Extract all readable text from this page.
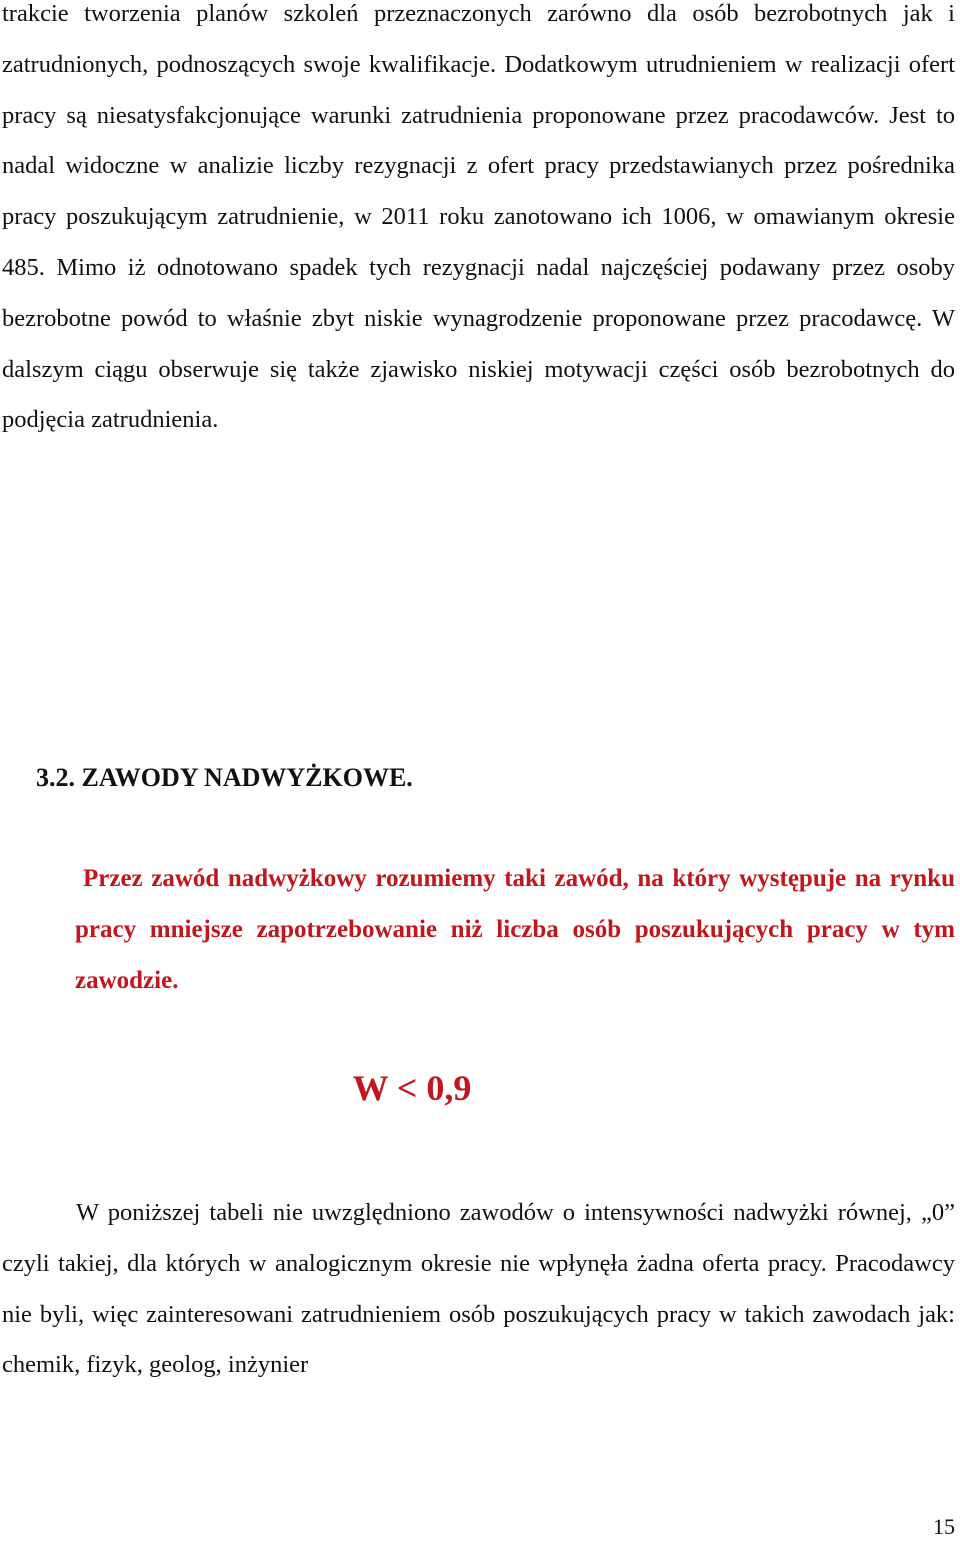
trakcie tworzenia planów szkoleń przeznaczonych zarówno dla osób bezrobotnych jak i zatrudnionych, podnoszących swoje kwalifikacje. Dodatkowym utrudnieniem w realizacji ofert pracy są niesatysfakcjonujące warunki zatrudnienia proponowane przez pracodawców. Jest to nadal widoczne w analizie liczby rezygnacji z ofert pracy przedstawianych przez pośrednika pracy poszukującym zatrudnienie, w 2011 roku zanotowano ich 1006, w omawianym okresie 485. Mimo iż odnotowano spadek tych rezygnacji nadal najczęściej podawany przez osoby bezrobotne powód to właśnie zbyt niskie wynagrodzenie proponowane przez pracodawcę. W dalszym ciągu obserwuje się także zjawisko niskiej motywacji części osób bezrobotnych do podjęcia zatrudnienia.

3.2. ZAWODY NADWYŻKOWE.

Przez zawód nadwyżkowy rozumiemy taki zawód, na który występuje na rynku pracy mniejsze zapotrzebowanie niż liczba osób poszukujących pracy w tym zawodzie.

W < 0,9

W poniższej tabeli nie uwzględniono zawodów o intensywności nadwyżki równej, „0” czyli takiej, dla których w analogicznym okresie nie wpłynęła żadna oferta pracy. Pracodawcy nie byli, więc zainteresowani zatrudnieniem osób poszukujących pracy w takich zawodach jak: chemik, fizyk, geolog, inżynier

15
